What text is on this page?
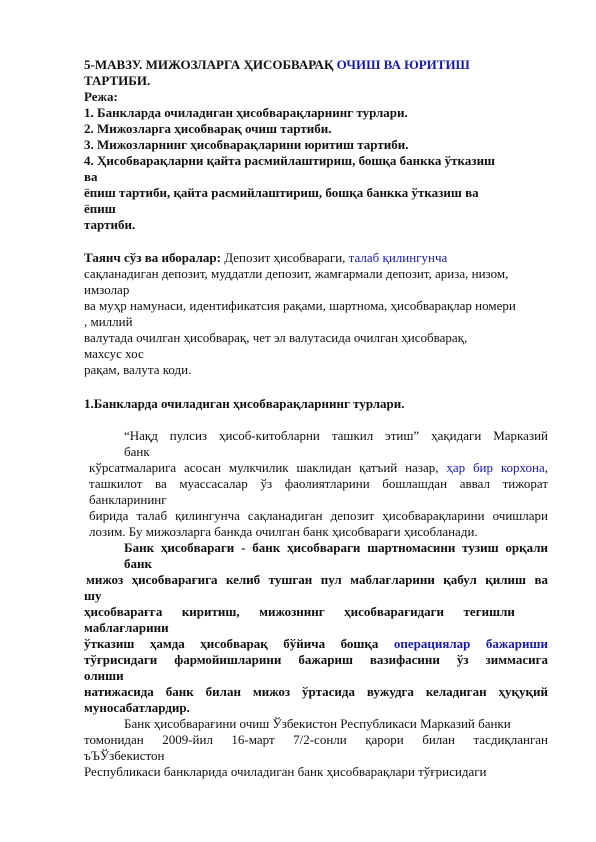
5-МАВЗУ. МИЖОЗЛАРГА ҲИСОБВАРАҚ ОЧИШ ВА ЮРИТИШ
ТАРТИБИ.
Режа:
1. Банкларда очиладиган ҳисобварақларнинг турлари.
2. Мижозларга ҳисобварақ очиш тартиби.
3. Мижозларнинг ҳисобварақларини юритиш тартиби.
4. Ҳисобварақларни қайта расмийлаштириш, бошқа банкка ўтказиш
ва
ёпиш тартиби, қайта расмийлаштириш, бошқа банкка ўтказиш ва
ёпиш
тартиби.
Таянч сўз ва иборалар: Депозит ҳисобвараги, талаб қилингунча
сақланадиган депозит, муддатли депозит, жамғармали депозит, ариза, низом,
имзолар
ва муҳр намунаси, идентификатсия рақами, шартнома, ҳисобварақлар номери
, миллий
валутада очилган ҳисобварақ, чет эл валутасида очилган ҳисобварақ,
махсус хос
рақам, валута коди.
1.Банкларда очиладиган ҳисобварақларнинг турлари.
“Нақд пулсиз ҳисоб-китобларни ташкил этиш” ҳақидаги Марказий
банк
кўрсатмаларига асосан мулкчилик шаклидан қатъий назар, ҳар бир корхона,
ташкилот ва муассасалар ўз фаолиятларини бошлашдан аввал тижорат
банкларининг
бирида талаб қилингунча сақланадиган депозит ҳисобварақларини очишлари
лозим. Бу мижозларга банкда очилган банк ҳисобвараги ҳисобланади.
Банк ҳисобвараги - банк ҳисобвараги шартномасини тузиш орқали
банк
мижоз ҳисобварағига келиб тушган пул маблағларини қабул қилиш ва
шу
ҳисобварағга      киритиш,      мижознинг      ҳисобварағидаги      тегишли
маблағларини
ўтказиш ҳамда ҳисобварақ бўйича бошқа операциялар бажариши
тўғрисидаги фармойишларини бажариш вазифасини ўз зиммасига
олиши
натижасида банк билан мижоз ўртасида вужудга келадиган ҳуқуқий
муносабатлардир.
Банк ҳисобварағини очиш Ўзбекистон Республикаси Марказий банки
томонидан 2009-йил 16-март 7/2-сонли қарори билан тасдиқланган
ъЪЎзбекистон
Республикаси банкларида очиладиган банк ҳисобварақлари тўғрисидаги
